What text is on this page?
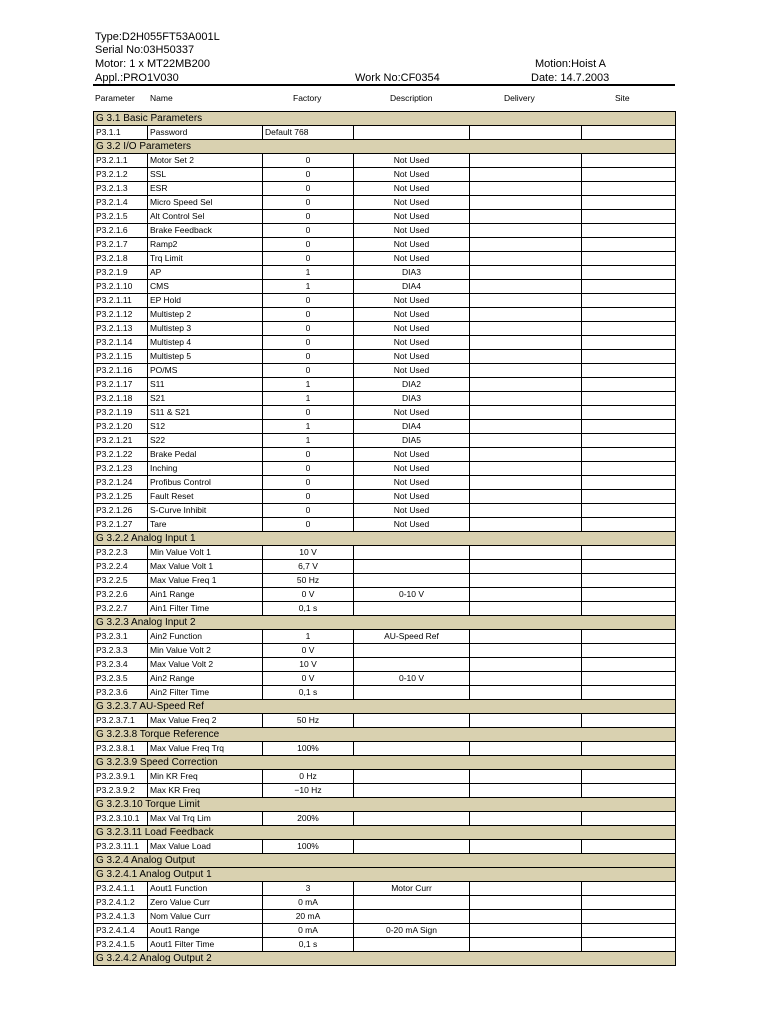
Type:D2H055FT53A001L
Serial No:03H50337
Motor: 1 x MT22MB200
Appl.:PRO1V030	Work No:CF0354
Motion:Hoist A
Date: 14.7.2003
Parameter Name	Factory	Description	Delivery	Site
G 3.1 Basic Parameters					
P3.1.1	Password	Default 768			
G 3.2 I/O Parameters					
P3.2.1.1	Motor Set 2	0	Not Used		
P3.2.1.2	SSL	0	Not Used		
P3.2.1.3	ESR	0	Not Used		
P3.2.1.4	Micro Speed Sel	0	Not Used		
P3.2.1.5	Alt Control Sel	0	Not Used		
P3.2.1.6	Brake Feedback	0	Not Used		
P3.2.1.7	Ramp2	0	Not Used		
P3.2.1.8	Trq Limit	0	Not Used		
P3.2.1.9	AP	1	DIA3		
P3.2.1.10	CMS	1	DIA4		
P3.2.1.11	EP Hold	0	Not Used		
P3.2.1.12	Multistep 2	0	Not Used		
P3.2.1.13	Multistep 3	0	Not Used		
P3.2.1.14	Multistep 4	0	Not Used		
P3.2.1.15	Multistep 5	0	Not Used		
P3.2.1.16	PO/MS	0	Not Used		
P3.2.1.17	S11	1	DIA2		
P3.2.1.18	S21	1	DIA3		
P3.2.1.19	S11 & S21	0	Not Used		
P3.2.1.20	S12	1	DIA4		
P3.2.1.21	S22	1	DIA5		
P3.2.1.22	Brake Pedal	0	Not Used		
P3.2.1.23	Inching	0	Not Used		
P3.2.1.24	Profibus Control	0	Not Used		
P3.2.1.25	Fault Reset	0	Not Used		
P3.2.1.26	S-Curve Inhibit	0	Not Used		
P3.2.1.27	Tare	0	Not Used		
G 3.2.2 Analog Input 1					
P3.2.2.3	Min Value Volt 1	10 V			
P3.2.2.4	Max Value Volt 1	6,7 V			
P3.2.2.5	Max Value Freq 1	50 Hz			
P3.2.2.6	Ain1 Range	0 V	0-10 V		
P3.2.2.7	Ain1 Filter Time	0,1 s			
G 3.2.3 Analog Input 2					
P3.2.3.1	Ain2 Function	1	AU-Speed Ref		
P3.2.3.3	Min Value Volt 2	0 V			
P3.2.3.4	Max Value Volt 2	10 V			
P3.2.3.5	Ain2 Range	0 V	0-10 V		
P3.2.3.6	Ain2 Filter Time	0,1 s			
G 3.2.3.7 AU-Speed Ref					
P3.2.3.7.1	Max Value Freq 2	50 Hz			
G 3.2.3.8 Torque Reference					
P3.2.3.8.1	Max Value Freq Trq	100%			
G 3.2.3.9 Speed Correction					
P3.2.3.9.1	Min KR Freq	0 Hz			
P3.2.3.9.2	Max KR Freq	−10 Hz			
G 3.2.3.10 Torque Limit					
P3.2.3.10.1	Max Val Trq Lim	200%			
G 3.2.3.11 Load Feedback					
P3.2.3.11.1	Max Value Load	100%			
G 3.2.4 Analog Output					
G 3.2.4.1 Analog Output 1					
P3.2.4.1.1	Aout1 Function	3	Motor Curr		
P3.2.4.1.2	Zero Value Curr	0 mA			
P3.2.4.1.3	Nom Value Curr	20 mA			
P3.2.4.1.4	Aout1 Range	0 mA	0-20 mA Sign		
P3.2.4.1.5	Aout1 Filter Time	0,1 s			
G 3.2.4.2 Analog Output 2					
